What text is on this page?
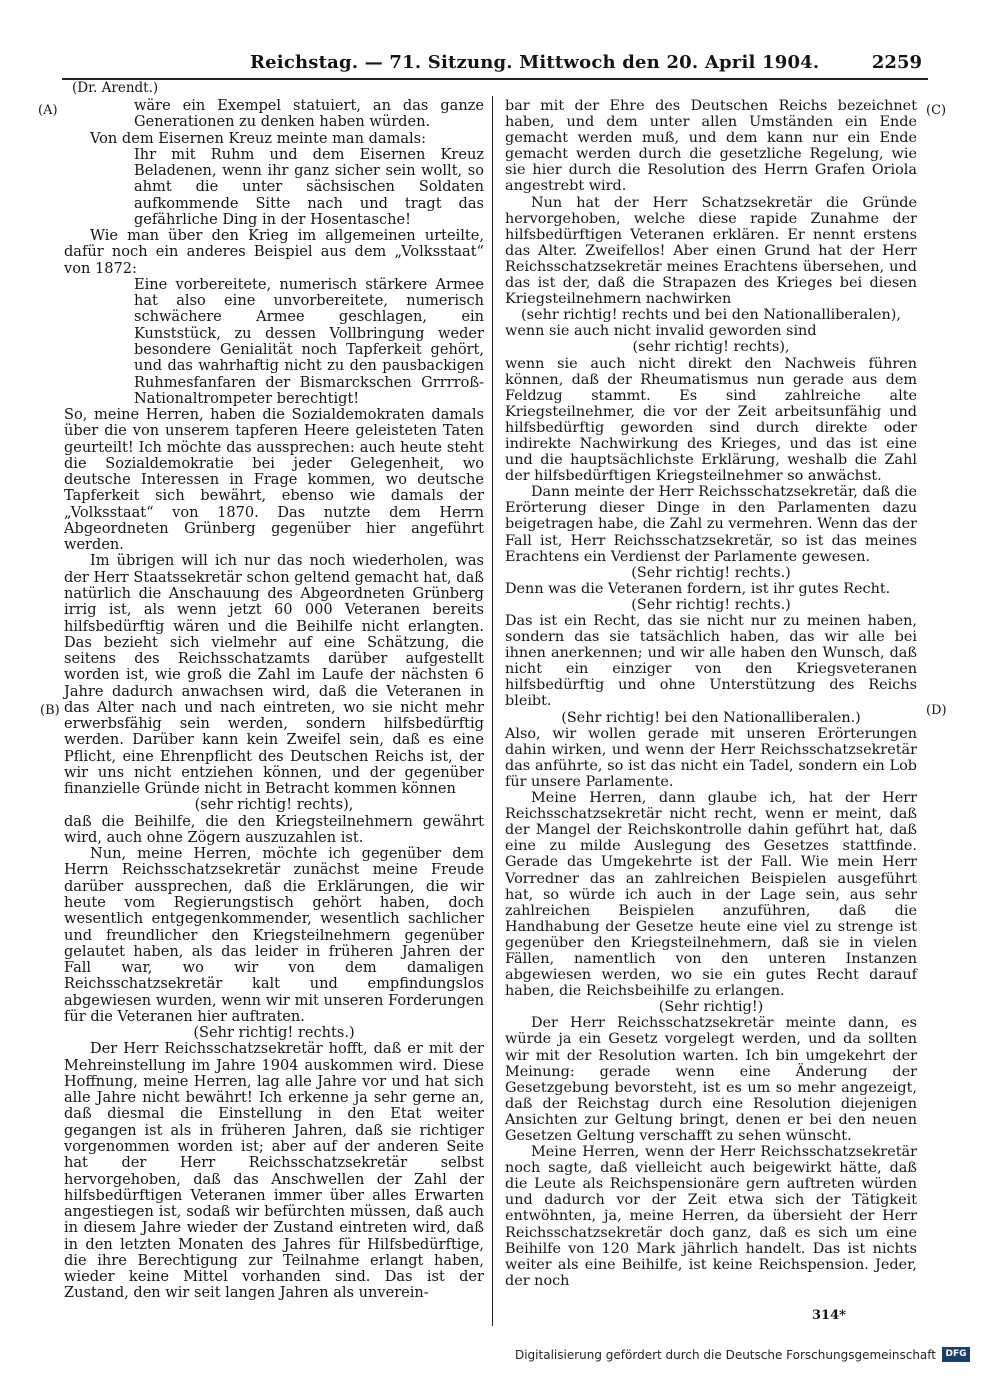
Reichstag. — 71. Sitzung. Mittwoch den 20. April 1904.	2259
(Dr. Arendt.)
(A)
(B)
(C)
(D)

wäre ein Exempel statuiert, an das ganze Generationen zu denken haben würden.

Von dem Eisernen Kreuz meinte man damals:

Ihr mit Ruhm und dem Eisernen Kreuz Beladenen, wenn ihr ganz sicher sein wollt, so ahmt die unter sächsischen Soldaten aufkommende Sitte nach und tragt das gefährliche Ding in der Hosentasche!

Wie man über den Krieg im allgemeinen urteilte, dafür noch ein anderes Beispiel aus dem „Volksstaat“ von 1872:

Eine vorbereitete, numerisch stärkere Armee hat also eine unvorbereitete, numerisch schwächere Armee geschlagen, ein Kunststück, zu dessen Vollbringung weder besondere Genialität noch Tapferkeit gehört, und das wahrhaftig nicht zu den pausbackigen Ruhmesfanfaren der Bismarckschen Grrrroß-Nationaltrompeter berechtigt!

So, meine Herren, haben die Sozialdemokraten damals über die von unserem tapferen Heere geleisteten Taten geurteilt! Ich möchte das aussprechen: auch heute steht die Sozialdemokratie bei jeder Gelegenheit, wo deutsche Interessen in Frage kommen, wo deutsche Tapferkeit sich bewährt, ebenso wie damals der „Volksstaat“ von 1870. Das nutzte dem Herrn Abgeordneten Grünberg gegenüber hier angeführt werden.

Im übrigen will ich nur das noch wiederholen, was der Herr Staatssekretär schon geltend gemacht hat, daß natürlich die Anschauung des Abgeordneten Grünberg irrig ist, als wenn jetzt 60 000 Veteranen bereits hilfsbedürftig wären und die Beihilfe nicht erlangten. Das bezieht sich vielmehr auf eine Schätzung, die seitens des Reichsschatzamts darüber aufgestellt worden ist, wie groß die Zahl im Laufe der nächsten 6 Jahre dadurch anwachsen wird, daß die Veteranen in das Alter nach und nach eintreten, wo sie nicht mehr erwerbsfähig sein werden, sondern hilfsbedürftig werden. Darüber kann kein Zweifel sein, daß es eine Pflicht, eine Ehrenpflicht des Deutschen Reichs ist, der wir uns nicht entziehen können, und der gegenüber finanzielle Gründe nicht in Betracht kommen können

(sehr richtig! rechts),

daß die Beihilfe, die den Kriegsteilnehmern gewährt wird, auch ohne Zögern auszuzahlen ist.

Nun, meine Herren, möchte ich gegenüber dem Herrn Reichsschatzsekretär zunächst meine Freude darüber aussprechen, daß die Erklärungen, die wir heute vom Regierungstisch gehört haben, doch wesentlich entgegenkommender, wesentlich sachlicher und freundlicher den Kriegsteilnehmern gegenüber gelautet haben, als das leider in früheren Jahren der Fall war, wo wir von dem damaligen Reichsschatzsekretär kalt und empfindungslos abgewiesen wurden, wenn wir mit unseren Forderungen für die Veteranen hier auftraten.

(Sehr richtig! rechts.)

Der Herr Reichsschatzsekretär hofft, daß er mit der Mehreinstellung im Jahre 1904 auskommen wird. Diese Hoffnung, meine Herren, lag alle Jahre vor und hat sich alle Jahre nicht bewährt! Ich erkenne ja sehr gerne an, daß diesmal die Einstellung in den Etat weiter gegangen ist als in früheren Jahren, daß sie richtiger vorgenommen worden ist; aber auf der anderen Seite hat der Herr Reichsschatzsekretär selbst hervorgehoben, daß das Anschwellen der Zahl der hilfsbedürftigen Veteranen immer über alles Erwarten angestiegen ist, sodaß wir befürchten müssen, daß auch in diesem Jahre wieder der Zustand eintreten wird, daß in den letzten Monaten des Jahres für Hilfsbedürftige, die ihre Berechtigung zur Teilnahme erlangt haben, wieder keine Mittel vorhanden sind. Das ist der Zustand, den wir seit langen Jahren als unverein-

bar mit der Ehre des Deutschen Reichs bezeichnet haben, und dem unter allen Umständen ein Ende gemacht werden muß, und dem kann nur ein Ende gemacht werden durch die gesetzliche Regelung, wie sie hier durch die Resolution des Herrn Grafen Oriola angestrebt wird.

Nun hat der Herr Schatzsekretär die Gründe hervorgehoben, welche diese rapide Zunahme der hilfsbedürftigen Veteranen erklären. Er nennt erstens das Alter. Zweifellos! Aber einen Grund hat der Herr Reichsschatzsekretär meines Erachtens übersehen, und das ist der, daß die Strapazen des Krieges bei diesen Kriegsteilnehmern nachwirken

(sehr richtig! rechts und bei den Nationalliberalen),

wenn sie auch nicht invalid geworden sind

(sehr richtig! rechts),

wenn sie auch nicht direkt den Nachweis führen können, daß der Rheumatismus nun gerade aus dem Feldzug stammt. Es sind zahlreiche alte Kriegsteilnehmer, die vor der Zeit arbeitsunfähig und hilfsbedürftig geworden sind durch direkte oder indirekte Nachwirkung des Krieges, und das ist eine und die hauptsächlichste Erklärung, weshalb die Zahl der hilfsbedürftigen Kriegsteilnehmer so anwächst.

Dann meinte der Herr Reichsschatzsekretär, daß die Erörterung dieser Dinge in den Parlamenten dazu beigetragen habe, die Zahl zu vermehren. Wenn das der Fall ist, Herr Reichsschatzsekretär, so ist das meines Erachtens ein Verdienst der Parlamente gewesen.

(Sehr richtig! rechts.)

Denn was die Veteranen fordern, ist ihr gutes Recht.

(Sehr richtig! rechts.)

Das ist ein Recht, das sie nicht nur zu meinen haben, sondern das sie tatsächlich haben, das wir alle bei ihnen anerkennen; und wir alle haben den Wunsch, daß nicht ein einziger von den Kriegsveteranen hilfsbedürftig und ohne Unterstützung des Reichs bleibt.

(Sehr richtig! bei den Nationalliberalen.)

Also, wir wollen gerade mit unseren Erörterungen dahin wirken, und wenn der Herr Reichsschatzsekretär das anführte, so ist das nicht ein Tadel, sondern ein Lob für unsere Parlamente.

Meine Herren, dann glaube ich, hat der Herr Reichsschatzsekretär nicht recht, wenn er meint, daß der Mangel der Reichskontrolle dahin geführt hat, daß eine zu milde Auslegung des Gesetzes stattfinde. Gerade das Umgekehrte ist der Fall. Wie mein Herr Vorredner das an zahlreichen Beispielen ausgeführt hat, so würde ich auch in der Lage sein, aus sehr zahlreichen Beispielen anzuführen, daß die Handhabung der Gesetze heute eine viel zu strenge ist gegenüber den Kriegsteilnehmern, daß sie in vielen Fällen, namentlich von den unteren Instanzen abgewiesen werden, wo sie ein gutes Recht darauf haben, die Reichsbeihilfe zu erlangen.

(Sehr richtig!)

Der Herr Reichsschatzsekretär meinte dann, es würde ja ein Gesetz vorgelegt werden, und da sollten wir mit der Resolution warten. Ich bin umgekehrt der Meinung: gerade wenn eine Änderung der Gesetzgebung bevorsteht, ist es um so mehr angezeigt, daß der Reichstag durch eine Resolution diejenigen Ansichten zur Geltung bringt, denen er bei den neuen Gesetzen Geltung verschafft zu sehen wünscht.

Meine Herren, wenn der Herr Reichsschatzsekretär noch sagte, daß vielleicht auch beigewirkt hätte, daß die Leute als Reichspensionäre gern auftreten würden und dadurch vor der Zeit etwa sich der Tätigkeit entwöhnten, ja, meine Herren, da übersieht der Herr Reichsschatzsekretär doch ganz, daß es sich um eine Beihilfe von 120 Mark jährlich handelt. Das ist nichts weiter als eine Beihilfe, ist keine Reichspension. Jeder, der noch

314*
Digitalisierung gefördert durch die Deutsche Forschungsgemeinschaft	DFG
